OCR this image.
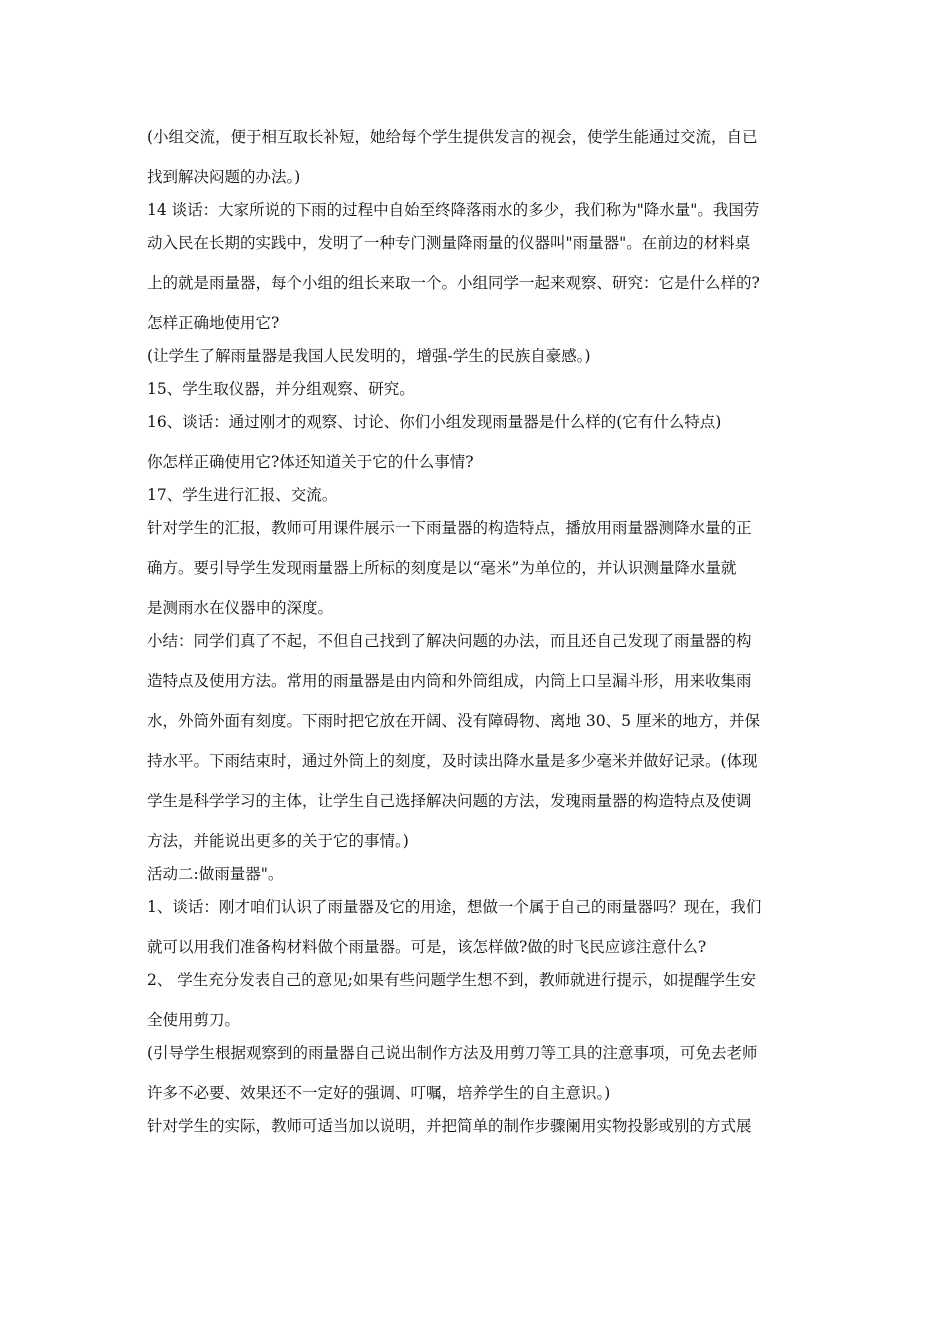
(小组交流，便于相互取长补短，她给每个学生提供发言的视会，使学生能通过交流，自已

找到解决闷题的办法。)

14 谈话：大家所说的下雨的过程中自始至终降落雨水的多少，我们称为"降水量"。我国劳

动入民在长期的实践中，发明了一种专门测量降雨量的仪器叫"雨量器"。在前边的材料桌

上的就是雨量器，每个小组的组长来取一个。小组同学一起来观察、研究：它是什么样的?

怎样正确地使用它?

(让学生了解雨量器是我国人民发明的，增强-学生的民族自豪感。)

15、学生取仪器，并分组观察、研究。

16、谈话：通过刚才的观察、讨论、你们小组发现雨量器是什么样的(它有什么特点)

你怎样正确使用它?体还知道关于它的什么事情?

17、学生进行汇报、交流。

针对学生的汇报，教师可用课件展示一下雨量器的构造特点，播放用雨量器测降水量的正

确方。要引导学生发现雨量器上所标的刻度是以“毫米”为单位的，并认识测量降水量就

是测雨水在仪器申的深度。

小结：同学们真了不起，不但自己找到了解决问题的办法，而且还自己发现了雨量器的构

造特点及使用方法。常用的雨量器是由内筒和外筒组成，内筒上口呈漏斗形，用来收集雨

水，外筒外面有刻度。下雨时把它放在开阔、没有障碍物、离地 30、5 厘米的地方，并保

持水平。下雨结束时，通过外筒上的刻度，及时读出降水量是多少毫米并做好记录。(体现

学生是科学学习的主体，让学生自己选择解决问题的方法，发瑰雨量器的构造特点及使调

方法，并能说出更多的关于它的事情。)

活动二:做雨量器"。

1、谈话：刚才咱们认识了雨量器及它的用途，想做一个属于自己的雨量器吗？现在，我们

就可以用我们准备构材料做个雨量器。可是，该怎样做?做的时飞民应谚注意什么?

2、 学生充分发表自己的意见;如果有些问题学生想不到，教师就进行提示，如提醒学生安

全使用剪刀。

(引导学生根据观察到的雨量器自己说出制作方法及用剪刀等工具的注意事项，可免去老师

许多不必要、效果还不一定好的强调、叮嘱，培养学生的自主意识。)

针对学生的实际，教师可适当加以说明，并把简单的制作步骤阑用实物投影或别的方式展
